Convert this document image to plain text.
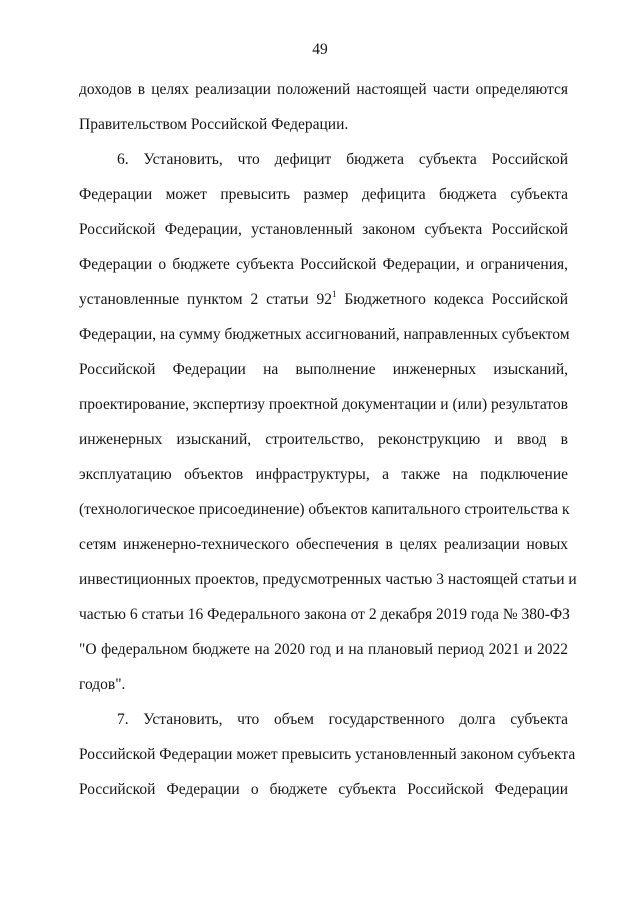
49
доходов в целях реализации положений настоящей части определяются
Правительством Российской Федерации.
6. Установить, что дефицит бюджета субъекта Российской
Федерации может превысить размер дефицита бюджета субъекта
Российской Федерации, установленный законом субъекта Российской
Федерации о бюджете субъекта Российской Федерации, и ограничения,
установленные пунктом 2 статьи $92^1$ Бюджетного кодекса Российской
Федерации, на сумму бюджетных ассигнований, направленных субъектом
Российской Федерации на выполнение инженерных изысканий,
проектирование, экспертизу проектной документации и (или) результатов
инженерных изысканий, строительство, реконструкцию и ввод в
эксплуатацию объектов инфраструктуры, а также на подключение
(технологическое присоединение) объектов капитального строительства к
сетям инженерно-технического обеспечения в целях реализации новых
инвестиционных проектов, предусмотренных частью 3 настоящей статьи и
частью 6 статьи 16 Федерального закона от 2 декабря 2019 года № 380-ФЗ
"О федеральном бюджете на 2020 год и на плановый период 2021 и 2022
годов".
7. Установить, что объем государственного долга субъекта
Российской Федерации может превысить установленный законом субъекта
Российской Федерации о бюджете субъекта Российской Федерации
